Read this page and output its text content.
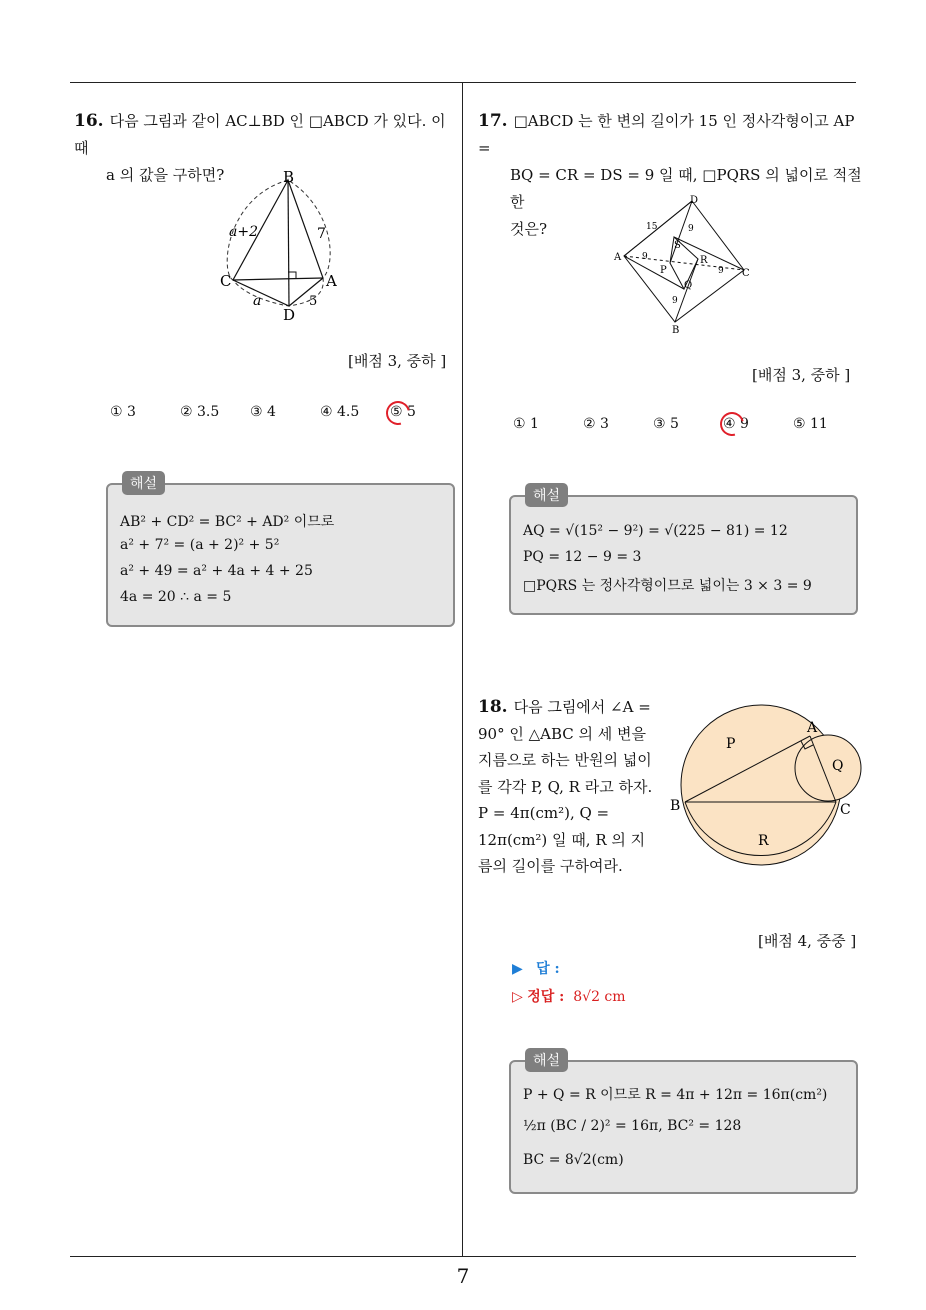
16. 다음 그림과 같이 AC⊥BD 인 □ABCD 가 있다. 이때
a 의 값을 구하면?	B
C	A
D
a+2	7
a	5
[배점 3, 중하 ]
① 3	② 3.5 ③ 4	④ 4.5 ⑤ 5
해설
AB² + CD² = BC² + AD² 이므로
a² + 7² = (a + 2)² + 5²
a² + 49 = a² + 4a + 4 + 25
4a = 20 ∴ a = 5
17. □ABCD 는 한 변의 길이가 15 인 정사각형이고 AP =
BQ = CR = DS = 9 일 때, □PQRS 의 넓이로 적절한
것은?
D
A
C
B
S
P
R
Q
15
9
9
9
9
[배점 3, 중하 ]
① 1	② 3	③ 5	④ 9	⑤ 11
해설
AQ = √(15² − 9²) = √(225 − 81) = 12
PQ = 12 − 9 = 3
□PQRS 는 정사각형이므로 넓이는 3 × 3 = 9
18. 다음 그림에서 ∠A = 90° 인 △ABC 의 세 변을 지름으로 하는 반원의 넓이를 각각 P, Q, R 라고 하자. P = 4π(cm²), Q = 12π(cm²) 일 때, R 의 지름의 길이를 구하여라.
A
B	C
P
Q
R
[배점 4, 중중 ]
▶ 답 :
▷ 정답 : 8√2 cm
해설
P + Q = R 이므로 R = 4π + 12π = 16π(cm²)
½π (BC / 2)² = 16π, BC² = 128
BC = 8√2(cm)
7
